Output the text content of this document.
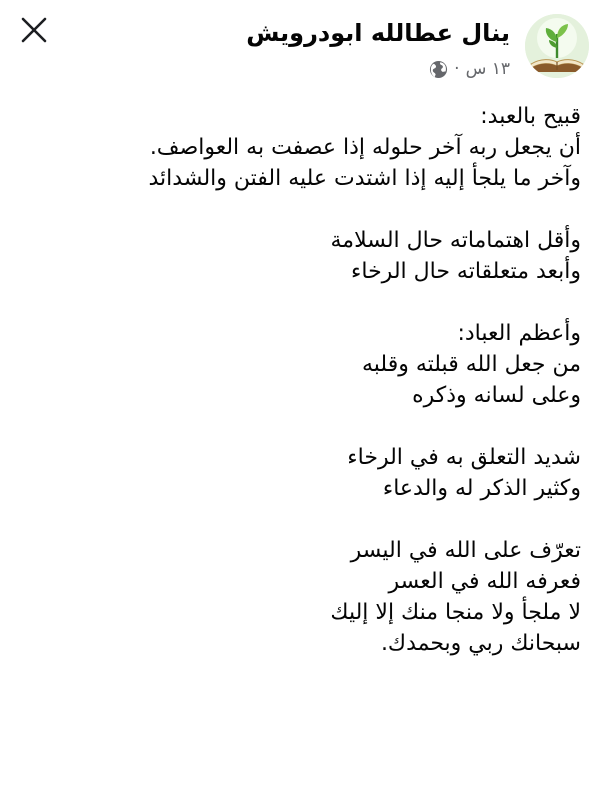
ينال عطالله ابودرويش
١٣ س
·
قبيح بالعبد:
أن يجعل ربه آخر حلوله إذا عصفت به العواصف.
وآخر ما يلجأ إليه إذا اشتدت عليه الفتن والشدائد
وأقل اهتماماته حال السلامة
وأبعد متعلقاته حال الرخاء
وأعظم العباد:
من جعل الله قبلته وقلبه
وعلى لسانه وذكره
شديد التعلق به في الرخاء
وكثير الذكر له والدعاء
تعرّف على الله في اليسر
فعرفه الله في العسر
لا ملجأ ولا منجا منك إلا إليك
سبحانك ربي وبحمدك.
